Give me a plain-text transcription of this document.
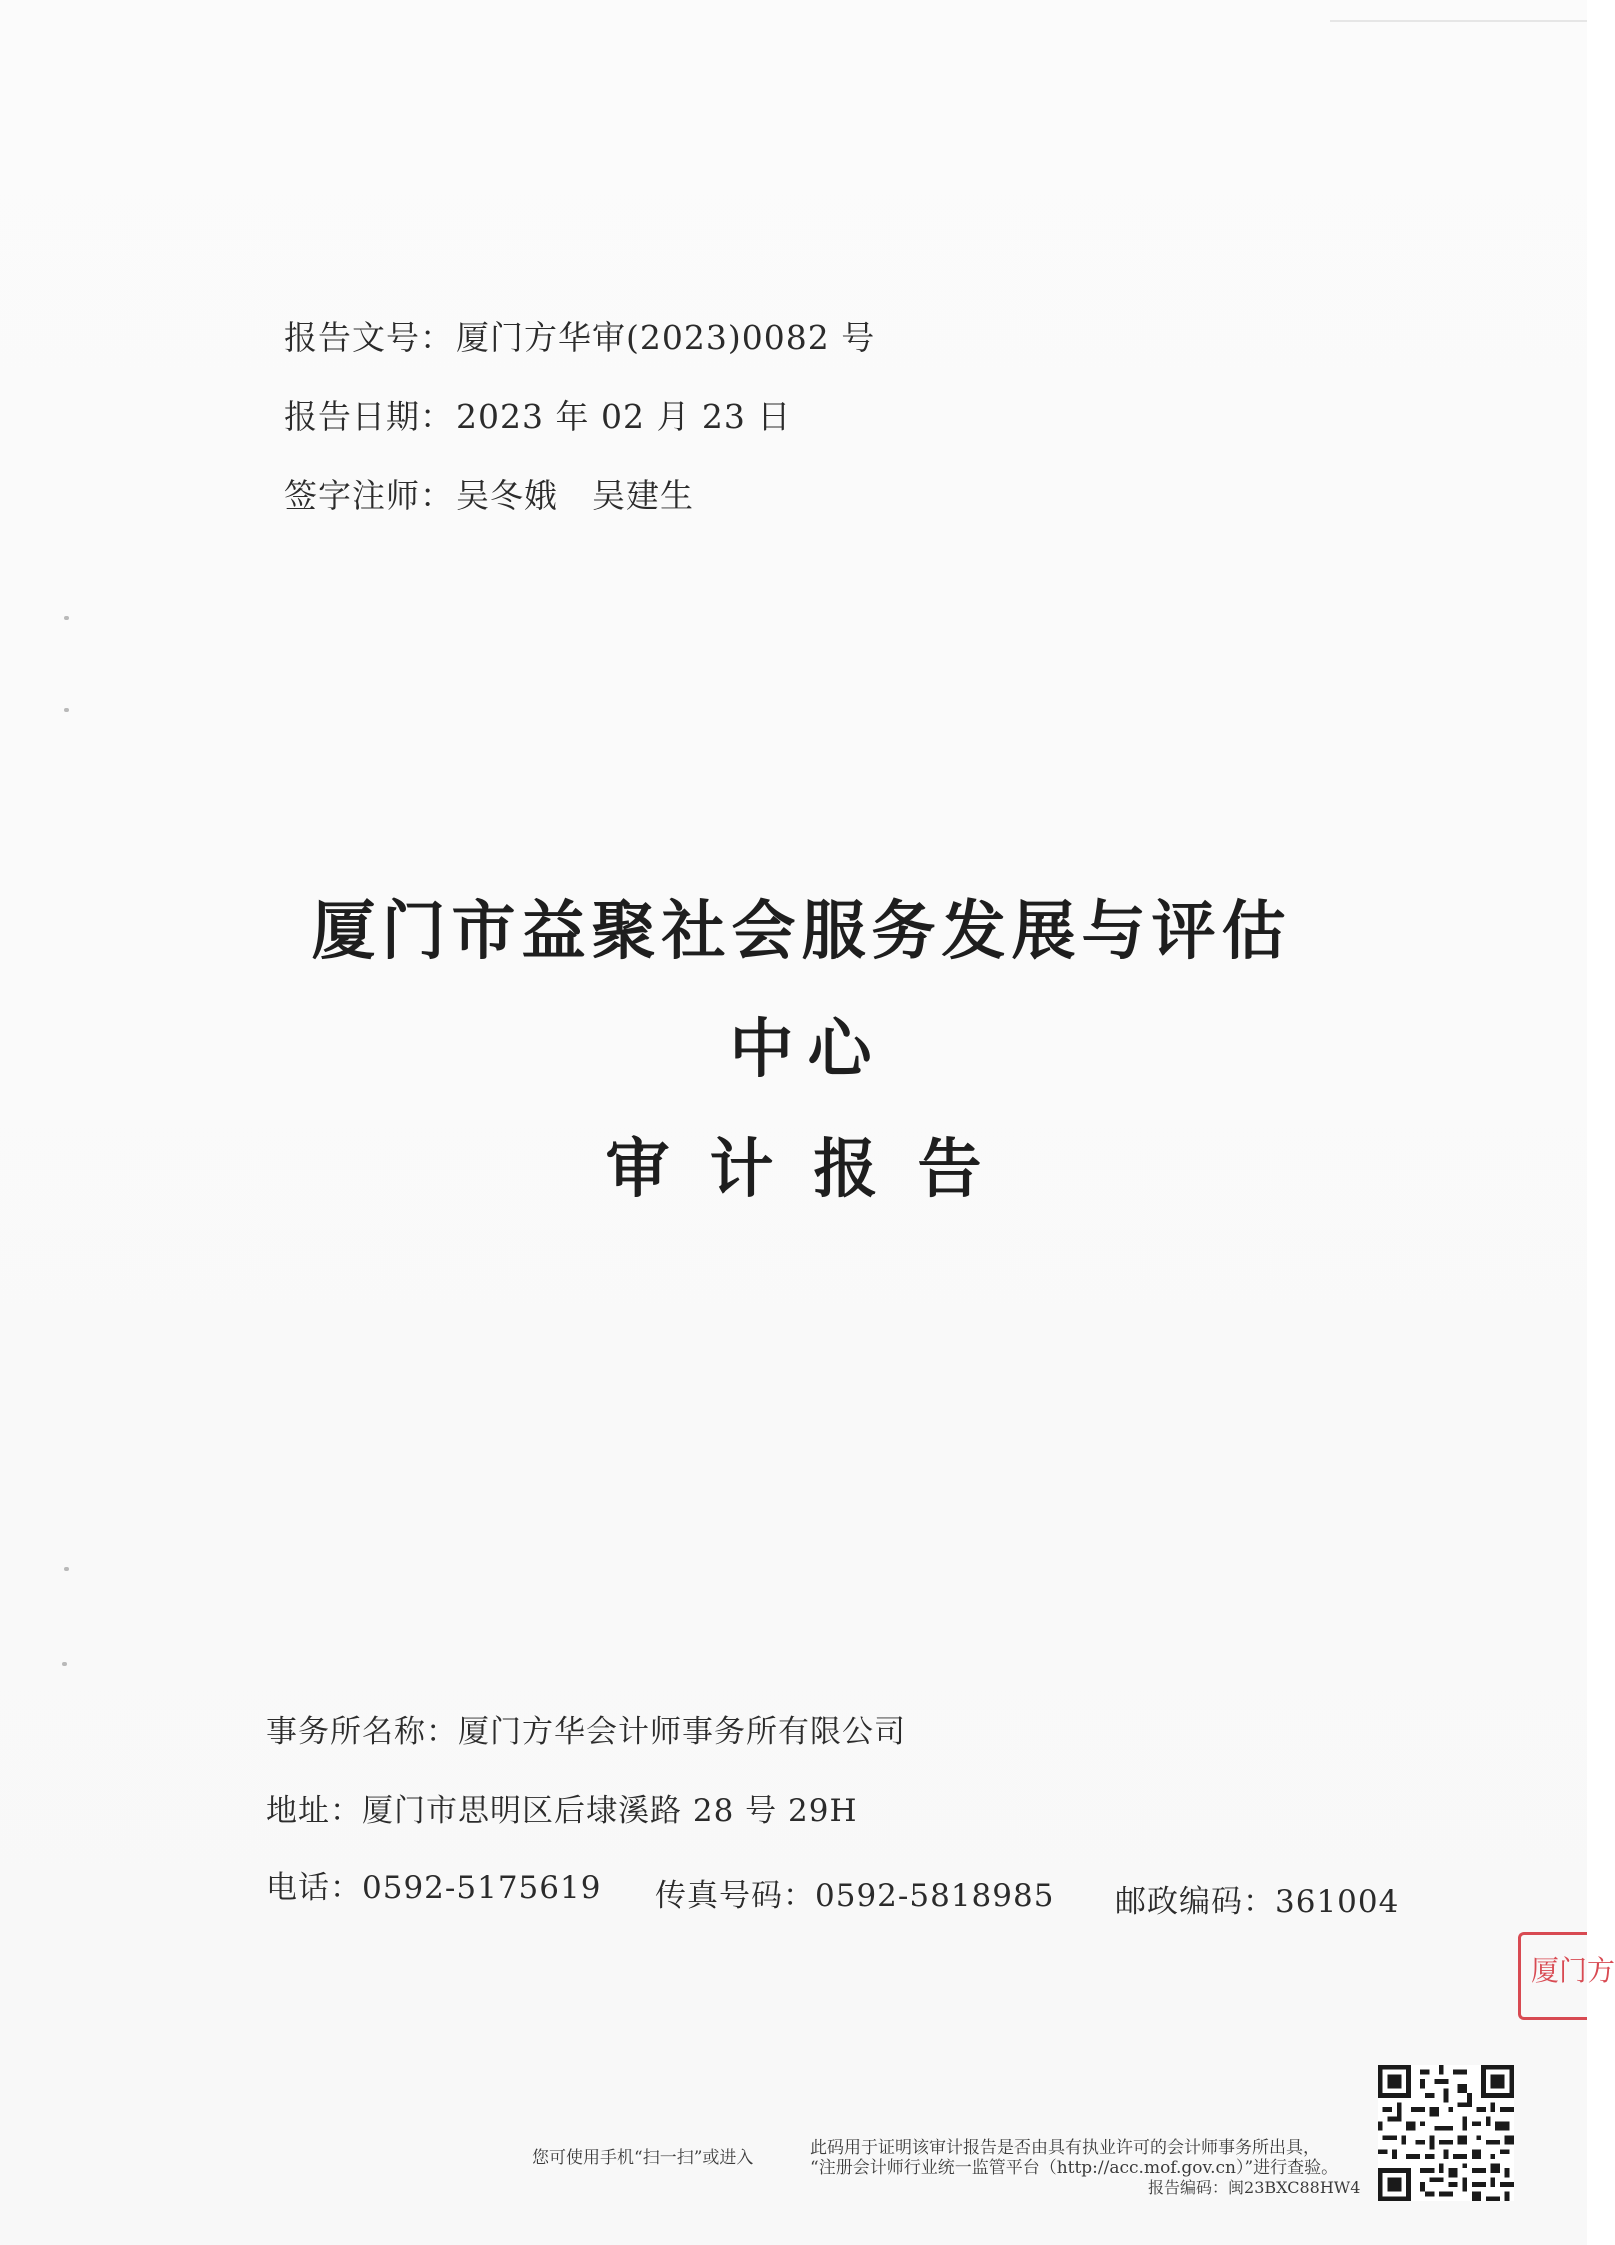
报告文号：厦门方华审(2023)0082 号
报告日期：2023 年 02 月 23 日
签字注师：吴冬娥 吴建生
厦门市益聚社会服务发展与评估
中心
审计报告
事务所名称：厦门方华会计师事务所有限公司
地址：厦门市思明区后埭溪路 28 号 29H
电话：0592-5175619 传真号码：0592-5818985 邮政编码：361004
厦门方
您可使用手机“扫一扫”或进入	此码用于证明该审计报告是否由具有执业许可的会计师事务所出具，
“注册会计师行业统一监管平台（http://acc.mof.gov.cn）”进行查验。
报告编码：闽23BXC88HW4
